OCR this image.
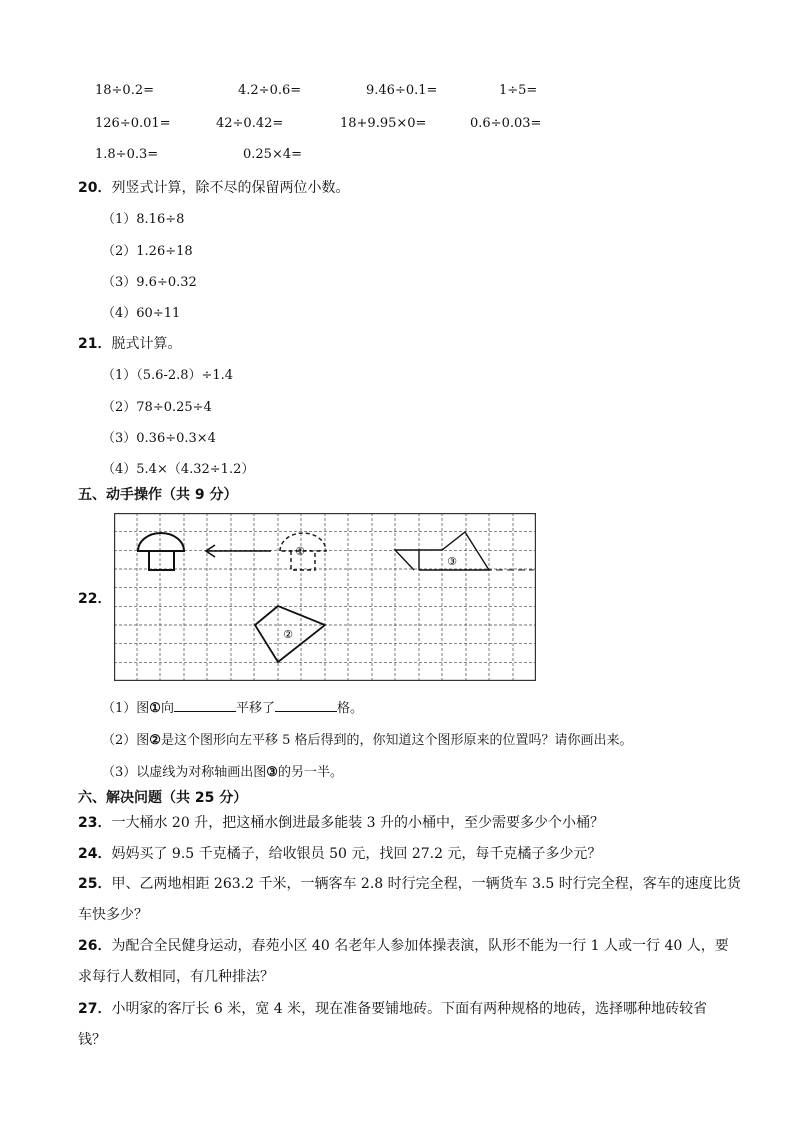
18÷0.2=	4.2÷0.6=	9.46÷0.1=	1÷5=
126÷0.01=	42÷0.42=	18+9.95×0=	0.6÷0.03=
1.8÷0.3=	0.25×4=
20．列竖式计算，除不尽的保留两位小数。
（1）8.16÷8
（2）1.26÷18
（3）9.6÷0.32
（4）60÷11
21．脱式计算。
（1）（5.6-2.8）÷1.4
（2）78÷0.25÷4
（3）0.36÷0.3×4
（4）5.4×（4.32÷1.2）
五、动手操作（共 9 分）
22．
①
③
②
（1）图①向	平移了	格。
（2）图②是这个图形向左平移 5 格后得到的，你知道这个图形原来的位置吗？请你画出来。
（3）以虚线为对称轴画出图③的另一半。
六、解决问题（共 25 分）
23．一大桶水 20 升，把这桶水倒进最多能装 3 升的小桶中，至少需要多少个小桶？
24．妈妈买了 9.5 千克橘子，给收银员 50 元，找回 27.2 元，每千克橘子多少元？
25．甲、乙两地相距 263.2 千米，一辆客车 2.8 时行完全程，一辆货车 3.5 时行完全程，客车的速度比货
车快多少？
26．为配合全民健身运动，春苑小区 40 名老年人参加体操表演，队形不能为一行 1 人或一行 40 人，要
求每行人数相同，有几种排法？
27．小明家的客厅长 6 米，宽 4 米，现在准备要铺地砖。下面有两种规格的地砖，选择哪种地砖较省
钱？
